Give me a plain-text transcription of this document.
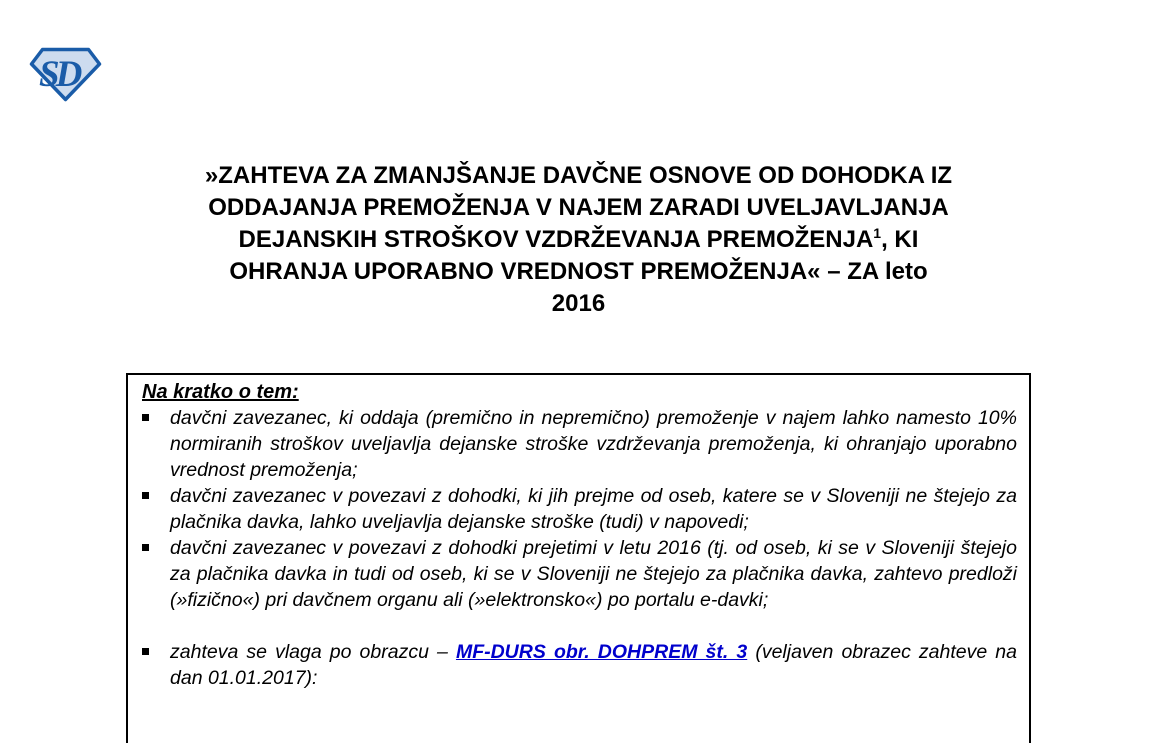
SD
»ZAHTEVA ZA ZMANJŠANJE DAVČNE OSNOVE OD DOHODKA IZ
ODDAJANJA PREMOŽENJA V NAJEM ZARADI UVELJAVLJANJA
DEJANSKIH STROŠKOV VZDRŽEVANJA PREMOŽENJA$^1$, KI
OHRANJA UPORABNO VREDNOST PREMOŽENJA« – ZA leto
2016
Na kratko o tem:
davčni zavezanec, ki oddaja (premično in nepremično) premoženje v najem lahko namesto 10% normiranih stroškov uveljavlja dejanske stroške vzdrževanja premoženja, ki ohranjajo uporabno vrednost premoženja;
davčni zavezanec v povezavi z dohodki, ki jih prejme od oseb, katere se v Sloveniji ne štejejo za plačnika davka, lahko uveljavlja dejanske stroške (tudi) v napovedi;
davčni zavezanec v povezavi z dohodki prejetimi v letu 2016 (tj. od oseb, ki se v Sloveniji štejejo za plačnika davka in tudi od oseb, ki se v Sloveniji ne štejejo za plačnika davka, zahtevo predloži (»fizično«) pri davčnem organu ali (»elektronsko«) po portalu e-davki;
zahteva se vlaga po obrazcu – MF-DURS obr. DOHPREM št. 3 (veljaven obrazec zahteve na dan 01.01.2017):
